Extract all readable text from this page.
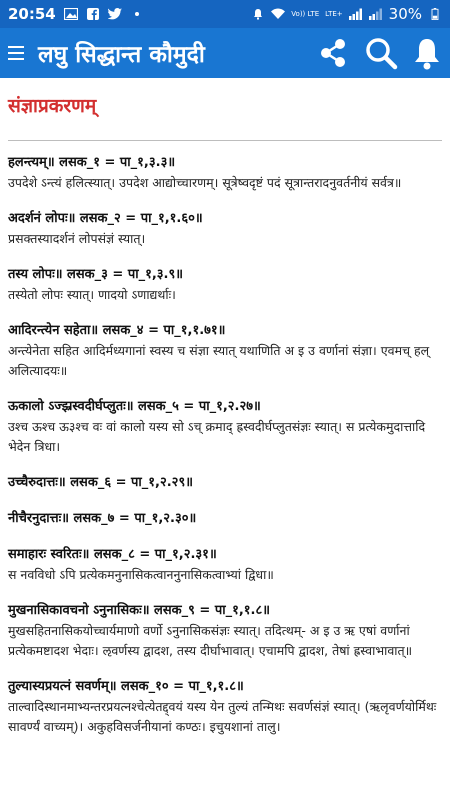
20:54	Vo)) LTE LTE+	30%
लघु सिद्धान्त कौमुदी
संज्ञाप्रकरणम्
हलन्त्यम्॥ लसक_१ = पा_१,३.३॥
उपदेशे ऽन्त्यं हलित्स्यात्। उपदेश आद्योच्चारणम्। सूत्रेष्वदृष्टं पदं सूत्रान्तरादनुवर्तनीयं सर्वत्र॥
अदर्शनं लोपः॥ लसक_२ = पा_१,१.६०॥
प्रसक्तस्यादर्शनं लोपसंज्ञं स्यात्।
तस्य लोपः॥ लसक_३ = पा_१,३.९॥
तस्येतो लोपः स्यात्। णादयो ऽणाद्यर्थाः।
आदिरन्त्येन सहेता॥ लसक_४ = पा_१,१.७१॥
अन्त्येनेता सहित आदिर्मध्यगानां स्वस्य च संज्ञा स्यात् यथाणिति अ इ उ वर्णानां संज्ञा। एवमच् हल् अलित्यादयः॥
ऊकालो ऽज्झ्रस्वदीर्घप्लुतः॥ लसक_५ = पा_१,२.२७॥
उश्च ऊश्च ऊ३श्च वः वां कालो यस्य सो ऽच् क्रमाद् ह्रस्वदीर्घप्लुतसंज्ञः स्यात्। स प्रत्येकमुदात्तादि भेदेन त्रिधा।
उच्चैरुदात्तः॥ लसक_६ = पा_१,२.२९॥
नीचैरनुदात्तः॥ लसक_७ = पा_१,२.३०॥
समाहारः स्वरितः॥ लसक_८ = पा_१,२.३१॥
स नवविधो ऽपि प्रत्येकमनुनासिकत्वाननुनासिकत्वाभ्यां द्विधा॥
मुखनासिकावचनो ऽनुनासिकः॥ लसक_९ = पा_१,१.८॥
मुखसहितनासिकयोच्चार्यमाणो वर्णो ऽनुनासिकसंज्ञः स्यात्। तदित्थम्- अ इ उ ऋ एषां वर्णानां प्रत्येकमष्टादश भेदाः। ऌवर्णस्य द्वादश, तस्य दीर्घाभावात्। एचामपि द्वादश, तेषां ह्रस्वाभावात्॥
तुल्यास्यप्रयत्नं सवर्णम्॥ लसक_१० = पा_१,१.८॥
ताल्वादिस्थानमाभ्यन्तरप्रयत्नश्चेत्येतद्द्वयं यस्य येन तुल्यं तन्मिथः सवर्णसंज्ञं स्यात्। (ऋलृवर्णयोर्मिथः सावर्ण्यं वाच्यम्)। अकुहविसर्जनीयानां कण्ठः। इचुयशानां तालु।
